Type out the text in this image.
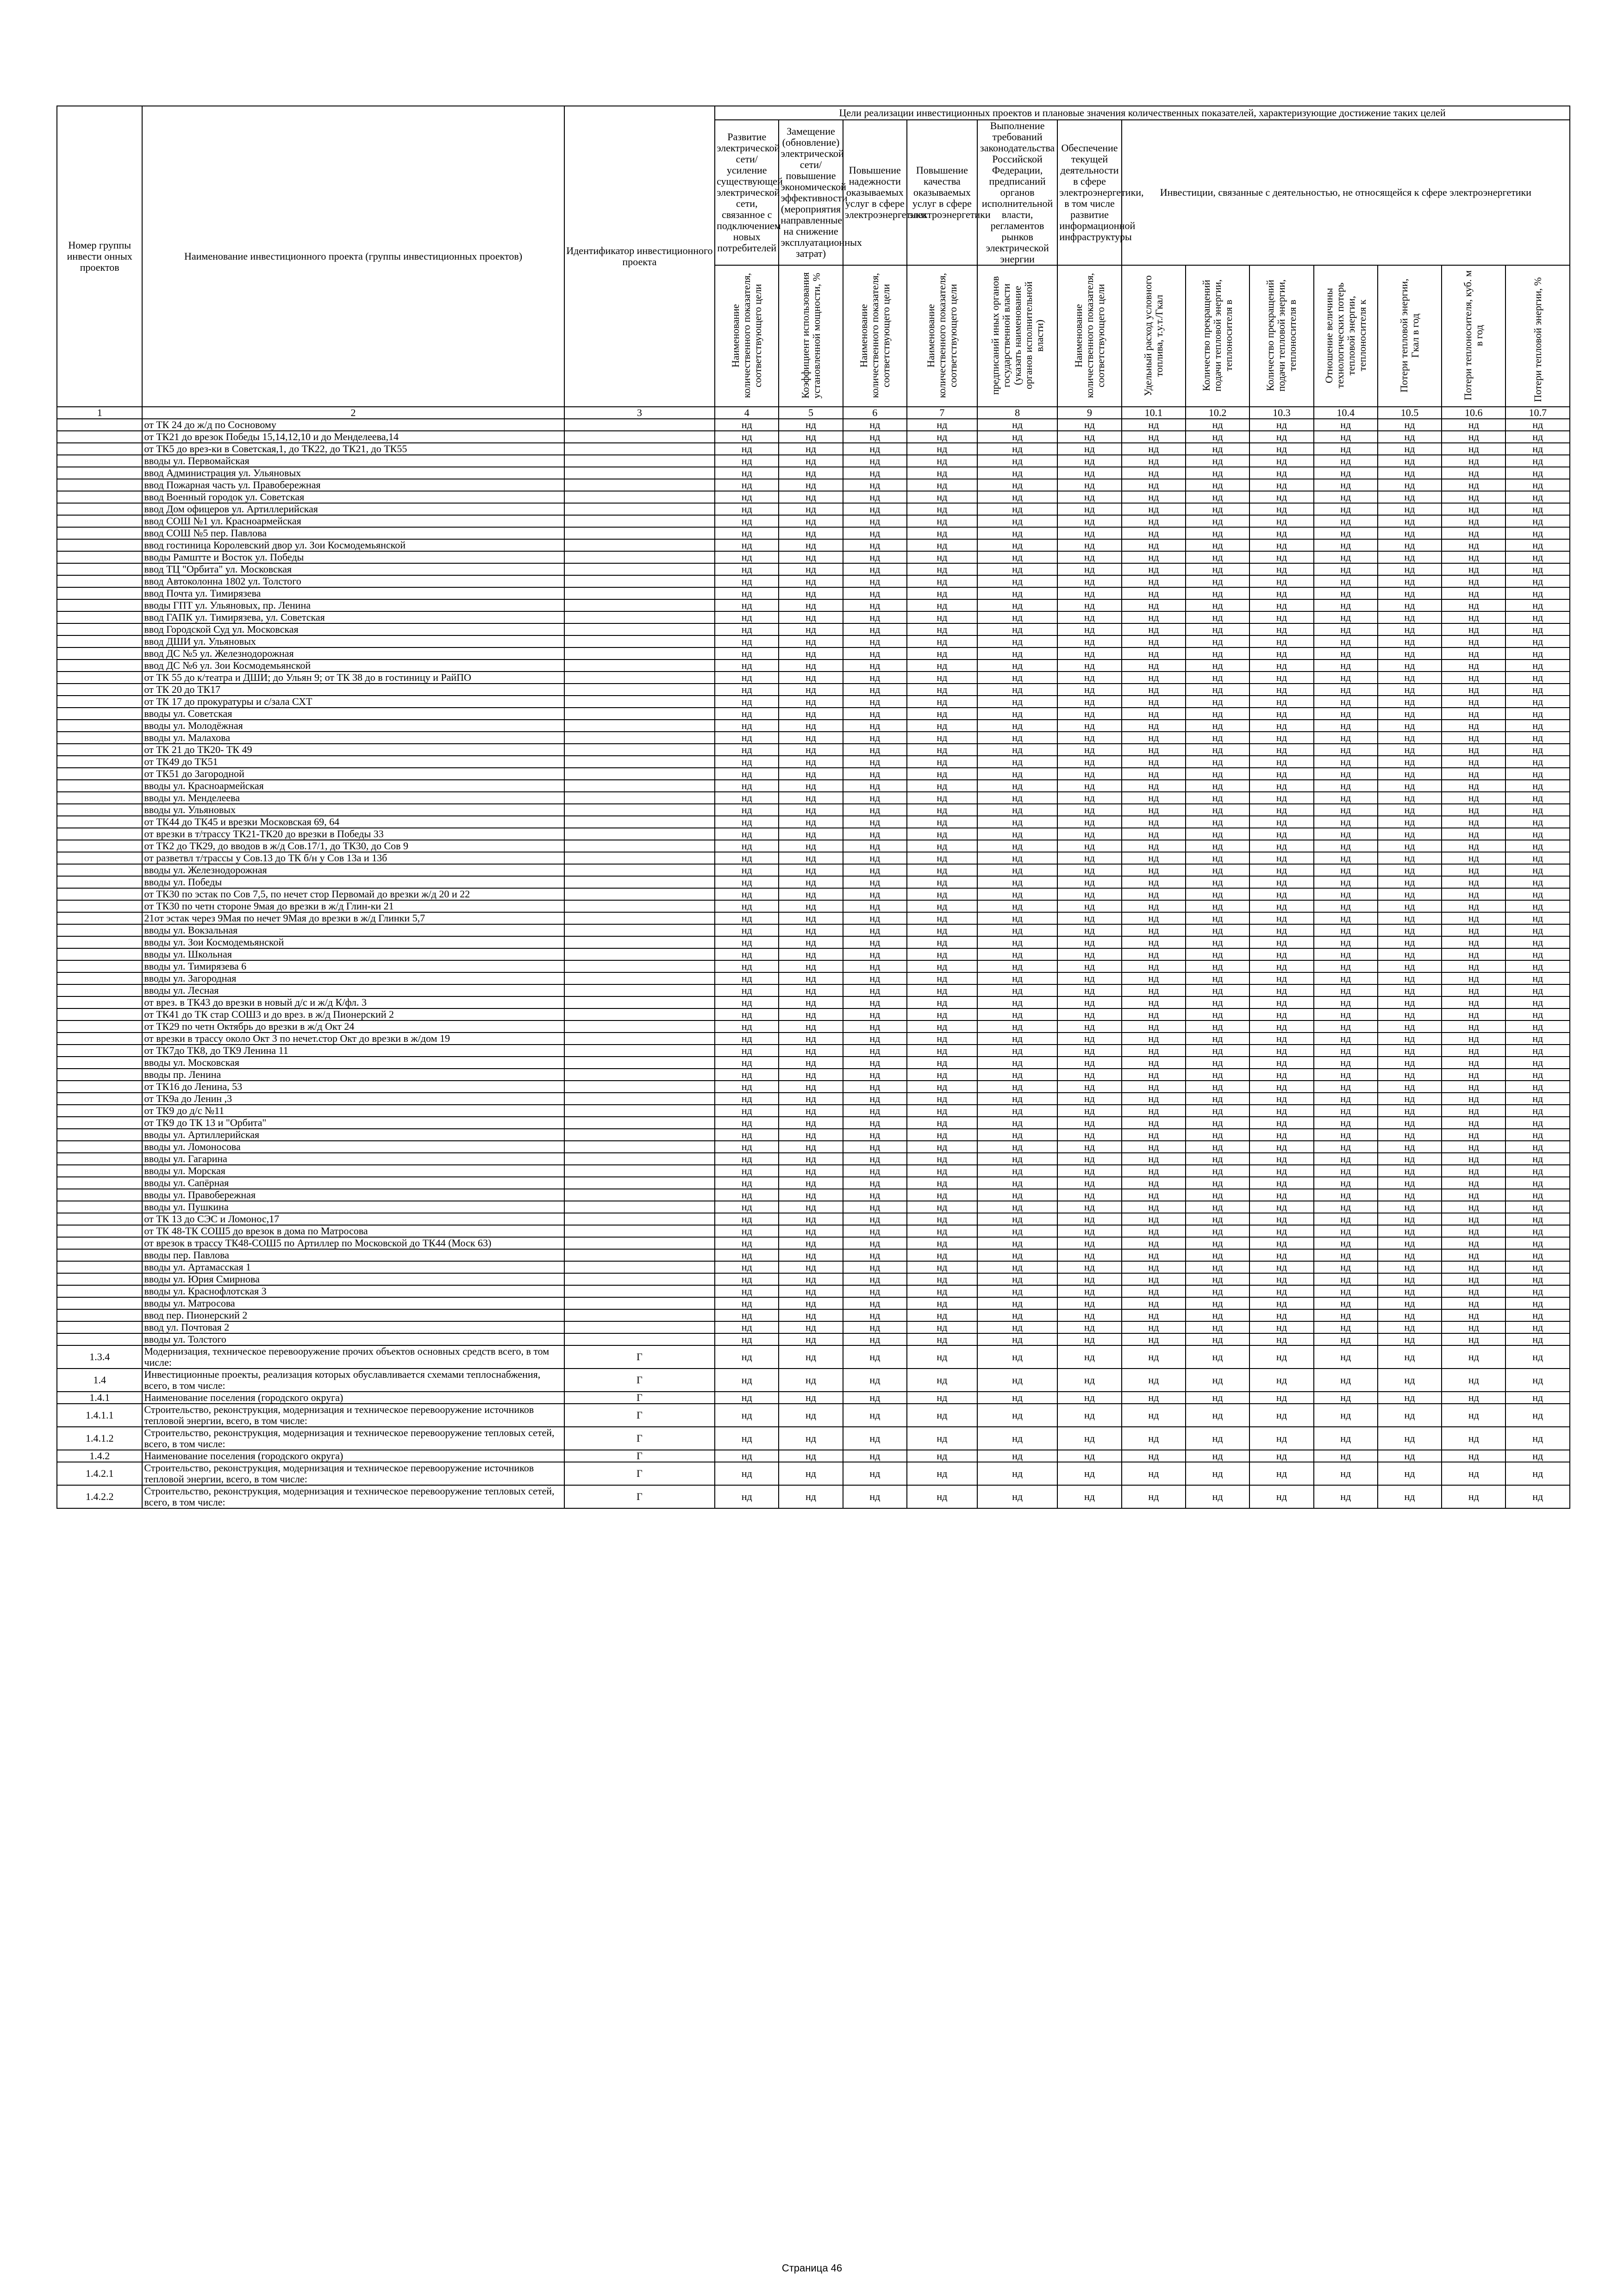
Номер группы инвести онных проектов	Наименование инвестиционного проекта (группы инвестиционных проектов)	Идентификатор инвестиционного проекта	Цели реализации инвестиционных проектов и плановые значения количественных показателей, характеризующие достижение таких целей												

			Развитие электрической сети/усиление существующей электрической сети, связанное с подключением новых потребителей	Замещение (обновление) электрической сети/повышение экономической эффективности (мероприятия направленные на снижение эксплуатационных затрат)	Повышение надежности оказываемых услуг в сфере электроэнергетики	Повышение качества оказываемых услуг в сфере электроэнергетики	Выполнение требований законодательства Российской Федерации, предписаний органов исполнительной власти, регламентов рынков электрической энергии	Обеспечение текущей деятельности в сфере электроэнергетики, в том числе развитие информационной инфраструктуры	Инвестиции, связанные с деятельностью, не относящейся к сфере электроэнергетики						
			Наименование количественного показателя, соответствующего цели	Коэффициент использования установленной мощности, %	Наименование количественного показателя, соответствующего цели	Наименование количественного показателя, соответствующего цели	предписаний иных органов государственной власти (указать наименование органов исполнительной власти)	Наименование количественного показателя, соответствующего цели	Удельный расход условного топлива, т.у.т./Гкал	Количество прекращений подачи тепловой энергии, теплоносителя в	Количество прекращений подачи тепловой энергии, теплоносителя в	Отношение величины технологических потерь тепловой энергии, теплоносителя к	Потери тепловой энергии, Гкал в год	Потери теплоносителя, куб. м в год	Потери тепловой энергии, %
1	2	3	4	5	6	7	8	9	10.1	10.2	10.3	10.4	10.5	10.6	10.7
	от ТК 24 до ж/д по Сосновому		нд	нд	нд	нд	нд	нд	нд	нд	нд	нд	нд	нд	нд
	от ТК21 до врезок Победы 15,14,12,10 и до Менделеева,14		нд	нд	нд	нд	нд	нд	нд	нд	нд	нд	нд	нд	нд
	от ТК5 до врез-ки в Советская,1, до ТК22, до ТК21, до ТК55		нд	нд	нд	нд	нд	нд	нд	нд	нд	нд	нд	нд	нд
	вводы ул. Первомайская		нд	нд	нд	нд	нд	нд	нд	нд	нд	нд	нд	нд	нд
	ввод Администрация ул. Ульяновых		нд	нд	нд	нд	нд	нд	нд	нд	нд	нд	нд	нд	нд
	ввод Пожарная часть ул. Правобережная		нд	нд	нд	нд	нд	нд	нд	нд	нд	нд	нд	нд	нд
	ввод Военный городок ул. Советская		нд	нд	нд	нд	нд	нд	нд	нд	нд	нд	нд	нд	нд
	ввод Дом офицеров ул. Артиллерийская		нд	нд	нд	нд	нд	нд	нд	нд	нд	нд	нд	нд	нд
	ввод СОШ №1 ул. Красноармейская		нд	нд	нд	нд	нд	нд	нд	нд	нд	нд	нд	нд	нд
	ввод СОШ №5 пер. Павлова		нд	нд	нд	нд	нд	нд	нд	нд	нд	нд	нд	нд	нд
	ввод гостиница Королевский двор ул. Зои Космодемьянской		нд	нд	нд	нд	нд	нд	нд	нд	нд	нд	нд	нд	нд
	вводы Рамштте и Восток ул. Победы		нд	нд	нд	нд	нд	нд	нд	нд	нд	нд	нд	нд	нд
	ввод ТЦ "Орбита" ул. Московская		нд	нд	нд	нд	нд	нд	нд	нд	нд	нд	нд	нд	нд
	ввод Автоколонна 1802 ул. Толстого		нд	нд	нд	нд	нд	нд	нд	нд	нд	нд	нд	нд	нд
	ввод Почта ул. Тимирязева		нд	нд	нд	нд	нд	нд	нд	нд	нд	нд	нд	нд	нд
	вводы ГПТ ул. Ульяновых, пр. Ленина		нд	нд	нд	нд	нд	нд	нд	нд	нд	нд	нд	нд	нд
	ввод ГАПК ул. Тимирязева, ул. Советская		нд	нд	нд	нд	нд	нд	нд	нд	нд	нд	нд	нд	нд
	ввод Городской Суд ул. Московская		нд	нд	нд	нд	нд	нд	нд	нд	нд	нд	нд	нд	нд
	ввод ДШИ ул. Ульяновых		нд	нд	нд	нд	нд	нд	нд	нд	нд	нд	нд	нд	нд
	ввод ДС №5 ул. Железнодорожная		нд	нд	нд	нд	нд	нд	нд	нд	нд	нд	нд	нд	нд
	ввод ДС №6 ул. Зои Космодемьянской		нд	нд	нд	нд	нд	нд	нд	нд	нд	нд	нд	нд	нд
	от ТК 55 до к/театра и ДШИ; до Ульян 9; от ТК 38 до в гостиницу и РайПО		нд	нд	нд	нд	нд	нд	нд	нд	нд	нд	нд	нд	нд
	от ТК 20 до ТК17		нд	нд	нд	нд	нд	нд	нд	нд	нд	нд	нд	нд	нд
	от ТК 17 до прокуратуры и с/зала СХТ		нд	нд	нд	нд	нд	нд	нд	нд	нд	нд	нд	нд	нд
	вводы ул. Советская		нд	нд	нд	нд	нд	нд	нд	нд	нд	нд	нд	нд	нд
	вводы ул. Молодёжная		нд	нд	нд	нд	нд	нд	нд	нд	нд	нд	нд	нд	нд
	вводы ул. Малахова		нд	нд	нд	нд	нд	нд	нд	нд	нд	нд	нд	нд	нд
	от ТК 21 до ТК20- ТК 49		нд	нд	нд	нд	нд	нд	нд	нд	нд	нд	нд	нд	нд
	от ТК49 до ТК51		нд	нд	нд	нд	нд	нд	нд	нд	нд	нд	нд	нд	нд
	от ТК51 до Загородной		нд	нд	нд	нд	нд	нд	нд	нд	нд	нд	нд	нд	нд
	вводы ул. Красноармейская		нд	нд	нд	нд	нд	нд	нд	нд	нд	нд	нд	нд	нд
	вводы ул. Менделеева		нд	нд	нд	нд	нд	нд	нд	нд	нд	нд	нд	нд	нд
	вводы ул. Ульяновых		нд	нд	нд	нд	нд	нд	нд	нд	нд	нд	нд	нд	нд
	от ТК44 до ТК45 и врезки Московская 69, 64		нд	нд	нд	нд	нд	нд	нд	нд	нд	нд	нд	нд	нд
	от врезки в т/трассу ТК21-ТК20 до врезки в Победы 33		нд	нд	нд	нд	нд	нд	нд	нд	нд	нд	нд	нд	нд
	от ТК2 до ТК29, до вводов в ж/д Сов.17/1, до ТК30, до Сов 9		нд	нд	нд	нд	нд	нд	нд	нд	нд	нд	нд	нд	нд
	от разветвл т/трассы у Сов.13 до ТК б/н у Сов 13а и 13б		нд	нд	нд	нд	нд	нд	нд	нд	нд	нд	нд	нд	нд
	вводы ул. Железнодорожная		нд	нд	нд	нд	нд	нд	нд	нд	нд	нд	нд	нд	нд
	вводы ул. Победы		нд	нд	нд	нд	нд	нд	нд	нд	нд	нд	нд	нд	нд
	от ТК30 по эстак по Сов 7,5, по нечет стор Первомай до врезки ж/д 20 и 22		нд	нд	нд	нд	нд	нд	нд	нд	нд	нд	нд	нд	нд
	от ТК30 по четн стороне 9мая до врезки в ж/д Глин-ки 21		нд	нд	нд	нд	нд	нд	нд	нд	нд	нд	нд	нд	нд
	21от эстак через 9Мая по нечет 9Мая до врезки в ж/д Глинки 5,7		нд	нд	нд	нд	нд	нд	нд	нд	нд	нд	нд	нд	нд
	вводы ул. Вокзальная		нд	нд	нд	нд	нд	нд	нд	нд	нд	нд	нд	нд	нд
	вводы ул. Зои Космодемьянской		нд	нд	нд	нд	нд	нд	нд	нд	нд	нд	нд	нд	нд
	вводы ул. Школьная		нд	нд	нд	нд	нд	нд	нд	нд	нд	нд	нд	нд	нд
	вводы ул. Тимирязева 6		нд	нд	нд	нд	нд	нд	нд	нд	нд	нд	нд	нд	нд
	вводы ул. Загородная		нд	нд	нд	нд	нд	нд	нд	нд	нд	нд	нд	нд	нд
	вводы ул. Лесная		нд	нд	нд	нд	нд	нд	нд	нд	нд	нд	нд	нд	нд
	от врез. в ТК43 до врезки в новый д/с и ж/д К/фл. 3		нд	нд	нд	нд	нд	нд	нд	нд	нд	нд	нд	нд	нд
	от ТК41 до ТК стар СОШ3 и до врез. в ж/д Пионерский 2		нд	нд	нд	нд	нд	нд	нд	нд	нд	нд	нд	нд	нд
	от ТК29 по четн Октябрь до врезки в ж/д Окт 24		нд	нд	нд	нд	нд	нд	нд	нд	нд	нд	нд	нд	нд
	от врезки в трассу около Окт 3 по нечет.стор Окт до врезки в ж/дом 19		нд	нд	нд	нд	нд	нд	нд	нд	нд	нд	нд	нд	нд
	от ТК7до ТК8, до ТК9 Ленина 11		нд	нд	нд	нд	нд	нд	нд	нд	нд	нд	нд	нд	нд
	вводы ул. Московская		нд	нд	нд	нд	нд	нд	нд	нд	нд	нд	нд	нд	нд
	вводы пр. Ленина		нд	нд	нд	нд	нд	нд	нд	нд	нд	нд	нд	нд	нд
	от ТК16 до Ленина, 53		нд	нд	нд	нд	нд	нд	нд	нд	нд	нд	нд	нд	нд
	от ТК9а до Ленин ,3		нд	нд	нд	нд	нд	нд	нд	нд	нд	нд	нд	нд	нд
	от ТК9 до д/с №11		нд	нд	нд	нд	нд	нд	нд	нд	нд	нд	нд	нд	нд
	от ТК9 до ТК 13 и "Орбита"		нд	нд	нд	нд	нд	нд	нд	нд	нд	нд	нд	нд	нд
	вводы ул. Артиллерийская		нд	нд	нд	нд	нд	нд	нд	нд	нд	нд	нд	нд	нд
	вводы ул. Ломоносова		нд	нд	нд	нд	нд	нд	нд	нд	нд	нд	нд	нд	нд
	вводы ул. Гагарина		нд	нд	нд	нд	нд	нд	нд	нд	нд	нд	нд	нд	нд
	вводы ул. Морская		нд	нд	нд	нд	нд	нд	нд	нд	нд	нд	нд	нд	нд
	вводы ул. Сапёрная		нд	нд	нд	нд	нд	нд	нд	нд	нд	нд	нд	нд	нд
	вводы ул. Правобережная		нд	нд	нд	нд	нд	нд	нд	нд	нд	нд	нд	нд	нд
	вводы ул. Пушкина		нд	нд	нд	нд	нд	нд	нд	нд	нд	нд	нд	нд	нд
	от ТК 13 до СЭС и Ломонос,17		нд	нд	нд	нд	нд	нд	нд	нд	нд	нд	нд	нд	нд
	от ТК 48-ТК СОШ5 до врезок в дома по Матросова		нд	нд	нд	нд	нд	нд	нд	нд	нд	нд	нд	нд	нд
	от врезок в трассу ТК48-СОШ5 по Артиллер по Московской до ТК44 (Моск 63)		нд	нд	нд	нд	нд	нд	нд	нд	нд	нд	нд	нд	нд
	вводы пер. Павлова		нд	нд	нд	нд	нд	нд	нд	нд	нд	нд	нд	нд	нд
	вводы ул. Артамасская 1		нд	нд	нд	нд	нд	нд	нд	нд	нд	нд	нд	нд	нд
	вводы ул. Юрия Смирнова		нд	нд	нд	нд	нд	нд	нд	нд	нд	нд	нд	нд	нд
	вводы ул. Краснофлотская 3		нд	нд	нд	нд	нд	нд	нд	нд	нд	нд	нд	нд	нд
	вводы ул. Матросова		нд	нд	нд	нд	нд	нд	нд	нд	нд	нд	нд	нд	нд
	ввод пер. Пионерский 2		нд	нд	нд	нд	нд	нд	нд	нд	нд	нд	нд	нд	нд
	ввод ул. Почтовая 2		нд	нд	нд	нд	нд	нд	нд	нд	нд	нд	нд	нд	нд
	вводы ул. Толстого		нд	нд	нд	нд	нд	нд	нд	нд	нд	нд	нд	нд	нд
1.3.4	Модернизация, техническое перевооружение прочих объектов основных средств всего, в том числе:	Г	нд	нд	нд	нд	нд	нд	нд	нд	нд	нд	нд	нд	нд
1.4	Инвестиционные проекты, реализация которых обуславливается схемами теплоснабжения, всего, в том числе:	Г	нд	нд	нд	нд	нд	нд	нд	нд	нд	нд	нд	нд	нд
1.4.1	Наименование поселения (городского округа)	Г	нд	нд	нд	нд	нд	нд	нд	нд	нд	нд	нд	нд	нд
1.4.1.1	Строительство, реконструкция, модернизация и техническое перевооружение источников тепловой энергии, всего, в том числе:	Г	нд	нд	нд	нд	нд	нд	нд	нд	нд	нд	нд	нд	нд
1.4.1.2	Строительство, реконструкция, модернизация и техническое перевооружение тепловых сетей, всего, в том числе:	Г	нд	нд	нд	нд	нд	нд	нд	нд	нд	нд	нд	нд	нд
1.4.2	Наименование поселения (городского округа)	Г	нд	нд	нд	нд	нд	нд	нд	нд	нд	нд	нд	нд	нд
1.4.2.1	Строительство, реконструкция, модернизация и техническое перевооружение источников тепловой энергии, всего, в том числе:	Г	нд	нд	нд	нд	нд	нд	нд	нд	нд	нд	нд	нд	нд
1.4.2.2	Строительство, реконструкция, модернизация и техническое перевооружение тепловых сетей, всего, в том числе:	Г	нд	нд	нд	нд	нд	нд	нд	нд	нд	нд	нд	нд	нд
Страница 46
